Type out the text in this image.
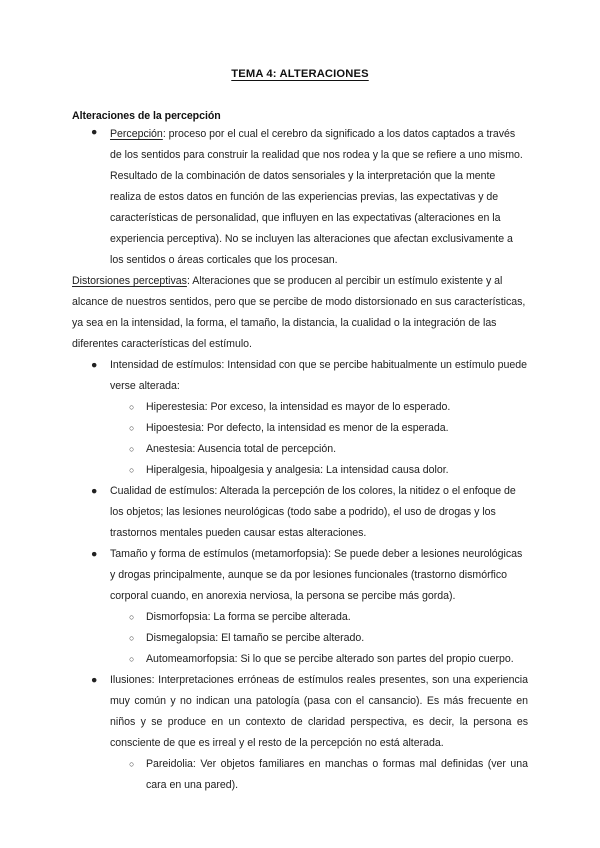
TEMA 4: ALTERACIONES
Alteraciones de la percepción
●	Percepción: proceso por el cual el cerebro da significado a los datos captados a través de los sentidos para construir la realidad que nos rodea y la que se refiere a uno mismo. Resultado de la combinación de datos sensoriales y la interpretación que la mente realiza de estos datos en función de las experiencias previas, las expectativas y de características de personalidad, que influyen en las expectativas (alteraciones en la experiencia perceptiva). No se incluyen las alteraciones que afectan exclusivamente a los sentidos o áreas corticales que los procesan.
Distorsiones perceptivas: Alteraciones que se producen al percibir un estímulo existente y al alcance de nuestros sentidos, pero que se percibe de modo distorsionado en sus características, ya sea en la intensidad, la forma, el tamaño, la distancia, la cualidad o la integración de las diferentes características del estímulo.
●	Intensidad de estímulos: Intensidad con que se percibe habitualmente un estímulo puede verse alterada:
○	Hiperestesia: Por exceso, la intensidad es mayor de lo esperado.
○	Hipoestesia: Por defecto, la intensidad es menor de la esperada.
○	Anestesia: Ausencia total de percepción.
○	Hiperalgesia, hipoalgesia y analgesia: La intensidad causa dolor.
●	Cualidad de estímulos: Alterada la percepción de los colores, la nitidez o el enfoque de los objetos; las lesiones neurológicas (todo sabe a podrido), el uso de drogas y los trastornos mentales pueden causar estas alteraciones.
●	Tamaño y forma de estímulos (metamorfopsia): Se puede deber a lesiones neurológicas y drogas principalmente, aunque se da por lesiones funcionales (trastorno dismórfico corporal cuando, en anorexia nerviosa, la persona se percibe más gorda).
○	Dismorfopsia: La forma se percibe alterada.
○	Dismegalopsia: El tamaño se percibe alterado.
○	Automeamorfopsia: Si lo que se percibe alterado son partes del propio cuerpo.
●	Ilusiones: Interpretaciones erróneas de estímulos reales presentes, son una experiencia muy común y no indican una patología (pasa con el cansancio). Es más frecuente en niños y se produce en un contexto de claridad perspectiva, es decir, la persona es consciente de que es irreal y el resto de la percepción no está alterada.
○	Pareidolia: Ver objetos familiares en manchas o formas mal definidas (ver una cara en una pared).
